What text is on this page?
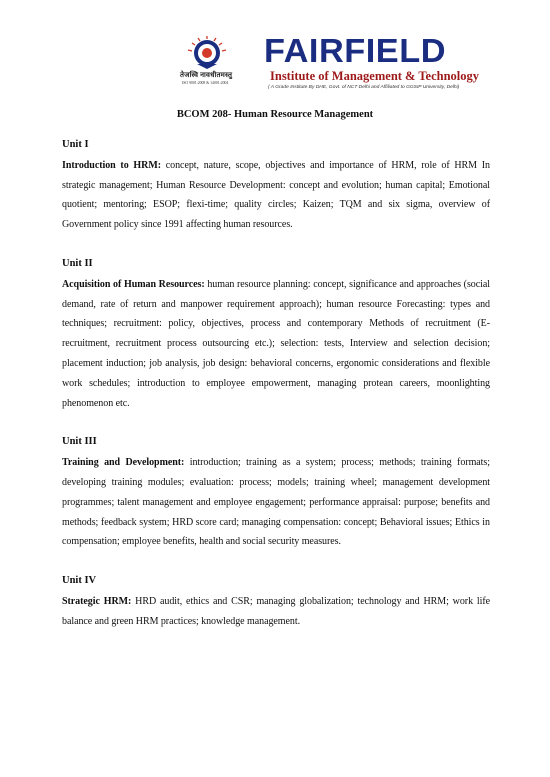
तेजस्वि नावधीतमस्तु
ISO 9001:2008 & 14001:2004
FAIRFIELD
Institute of Management & Technology
( A Grade Institute By DHE, Govt. of NCT Delhi and Affiliated to GGSIP University, Delhi)
BCOM 208- Human Resource Management
Unit I
Introduction to HRM: concept, nature, scope, objectives and importance of HRM, role of HRM In strategic management; Human Resource Development: concept and evolution; human capital; Emotional quotient; mentoring; ESOP; flexi-time; quality circles; Kaizen; TQM and six sigma, overview of Government policy since 1991 affecting human resources.
Unit II
Acquisition of Human Resources: human resource planning: concept, significance and approaches (social demand, rate of return and manpower requirement approach); human resource Forecasting: types and techniques; recruitment: policy, objectives, process and contemporary Methods of recruitment (E-recruitment, recruitment process outsourcing etc.); selection: tests, Interview and selection decision; placement induction; job analysis, job design: behavioral concerns, ergonomic considerations and flexible work schedules; introduction to employee empowerment, managing protean careers, moonlighting phenomenon etc.
Unit III
Training and Development: introduction; training as a system; process; methods; training formats; developing training modules; evaluation: process; models; training wheel; management development programmes; talent management and employee engagement; performance appraisal: purpose; benefits and methods; feedback system; HRD score card; managing compensation: concept; Behavioral issues; Ethics in compensation; employee benefits, health and social security measures.
Unit IV
Strategic HRM: HRD audit, ethics and CSR; managing globalization; technology and HRM; work life balance and green HRM practices; knowledge management.
